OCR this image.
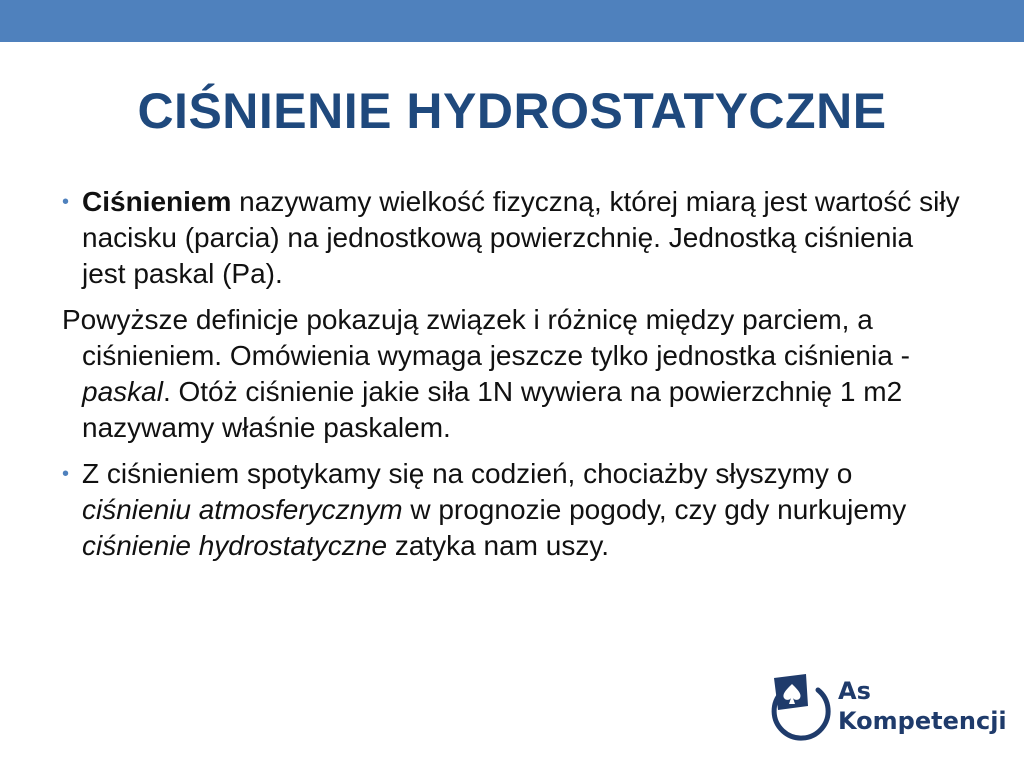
CIŚNIENIE HYDROSTATYCZNE

• Ciśnieniem nazywamy wielkość fizyczną, której miarą jest wartość siły nacisku (parcia) na jednostkową powierzchnię. Jednostką ciśnienia jest paskal (Pa).

Powyższe definicje pokazują związek i różnicę między parciem, a ciśnieniem. Omówienia wymaga jeszcze tylko jednostka ciśnienia - paskal. Otóż ciśnienie jakie siła 1N wywiera na powierzchnię 1 m2 nazywamy właśnie paskalem.

• Z ciśnieniem spotykamy się na codzień, chociażby słyszymy o ciśnieniu atmosferycznym w prognozie pogody, czy gdy nurkujemy ciśnienie hydrostatyczne zatyka nam uszy.

As
Kompetencji
